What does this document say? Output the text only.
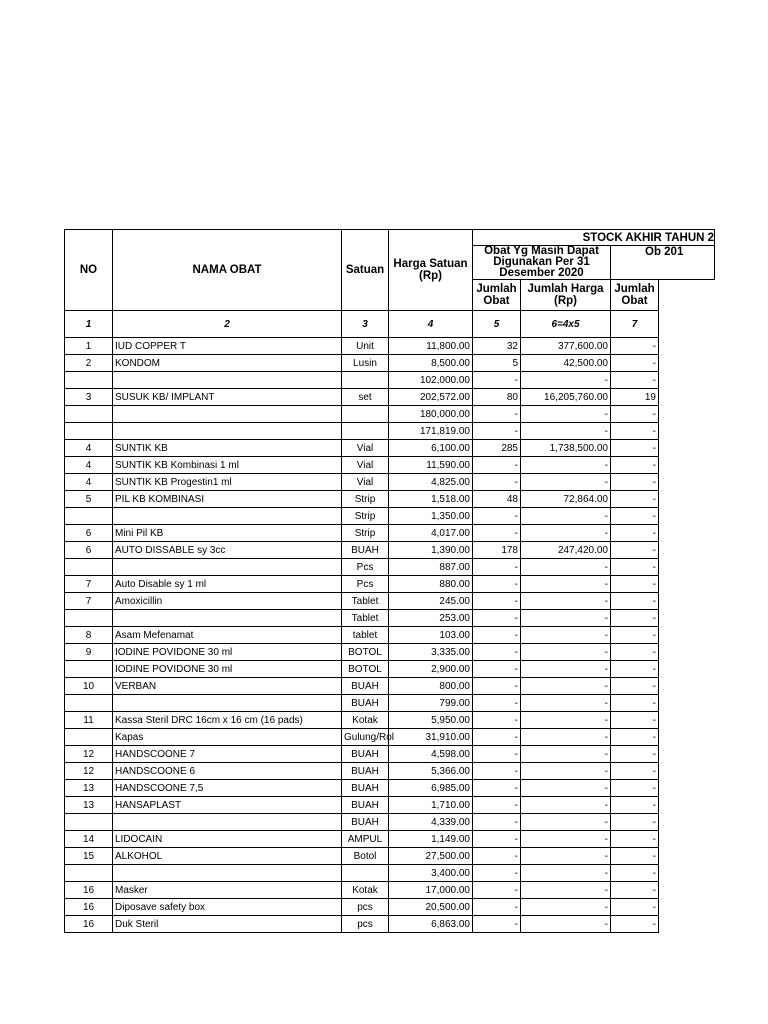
NO	NAMA OBAT	Satuan	Harga Satuan (Rp)	STOCK AKHIR TAHUN 2			
				Obat Yg Masih Dapat Digunakan Per 31 Desember 2020		Ob 201	
				Jumlah Obat	Jumlah Harga (Rp)	Jumlah Obat	
1	2	3	4	5	6=4x5	7	
1	IUD COPPER T	Unit	11,800.00	32	377,600.00	-	
2	KONDOM	Lusin	8,500.00	5	42,500.00	-	
			102,000.00	-	-	-	
3	SUSUK KB/ IMPLANT	set	202,572.00	80	16,205,760.00	19	
			180,000.00	-	-	-	
			171,819.00	-	-	-	
4	SUNTIK KB	Vial	6,100.00	285	1,738,500.00	-	
4	SUNTIK KB Kombinasi 1 ml	Vial	11,590.00	-	-	-	
4	SUNTIK KB Progestin1 ml	Vial	4,825.00	-	-	-	
5	PIL KB KOMBINASI	Strip	1,518.00	48	72,864.00	-	
		Strip	1,350.00	-	-	-	
6	Mini Pil KB	Strip	4,017.00	-	-	-	
6	AUTO DISSABLE sy 3cc	BUAH	1,390.00	178	247,420.00	-	
		Pcs	887.00	-	-	-	
7	Auto Disable sy 1 ml	Pcs	880.00	-	-	-	
7	Amoxicillin	Tablet	245.00	-	-	-	
		Tablet	253.00	-	-	-	
8	Asam Mefenamat	tablet	103.00	-	-	-	
9	IODINE POVIDONE 30 ml	BOTOL	3,335.00	-	-	-	
	IODINE POVIDONE 30 ml	BOTOL	2,900.00	-	-	-	
10	VERBAN	BUAH	800.00	-	-	-	
		BUAH	799.00	-	-	-	
11	Kassa Steril DRC 16cm x 16 cm (16 pads)	Kotak	5,950.00	-	-	-	
	Kapas	Gulung/Rol	31,910.00	-	-	-	
12	HANDSCOONE 7	BUAH	4,598.00	-	-	-	
12	HANDSCOONE 6	BUAH	5,366.00	-	-	-	
13	HANDSCOONE 7,5	BUAH	6,985.00	-	-	-	
13	HANSAPLAST	BUAH	1,710.00	-	-	-	
		BUAH	4,339.00	-	-	-	
14	LIDOCAIN	AMPUL	1,149.00	-	-	-	
15	ALKOHOL	Botol	27,500.00	-	-	-	
			3,400.00	-	-	-	
16	Masker	Kotak	17,000.00	-	-	-	
16	Diposave safety box	pcs	20,500.00	-	-	-	
16	Duk Steril	pcs	6,863.00	-	-	-	
